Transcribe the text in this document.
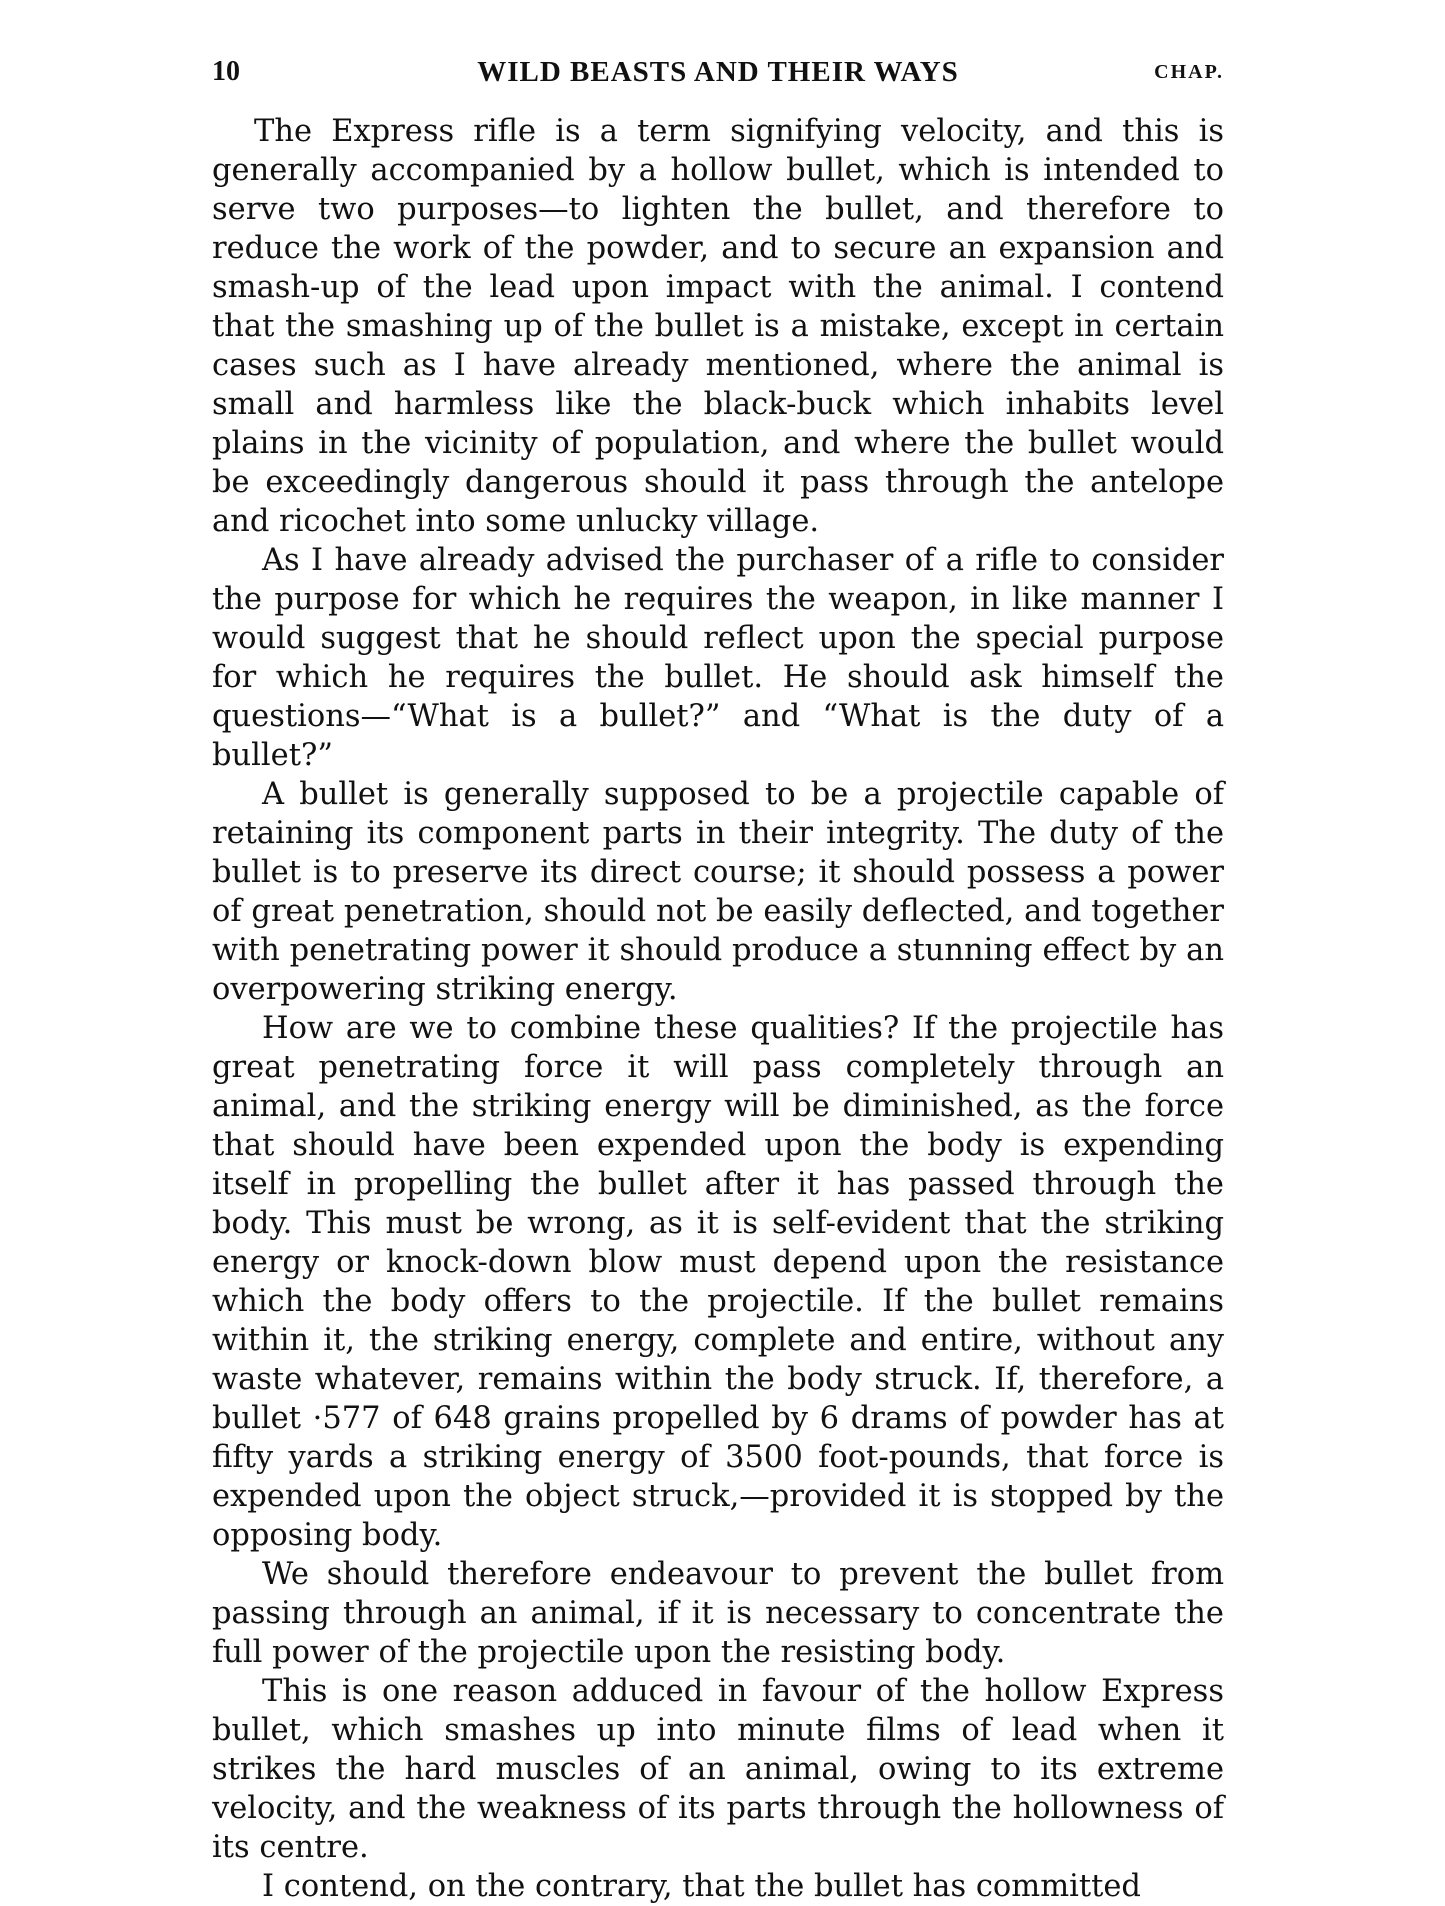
10	WILD BEASTS AND THEIR WAYS	CHAP.

The Express rifle is a term signifying velocity, and this is generally accompanied by a hollow bullet, which is intended to serve two purposes—to lighten the bullet, and therefore to reduce the work of the powder, and to secure an expansion and smash-up of the lead upon impact with the animal. I contend that the smashing up of the bullet is a mistake, except in certain cases such as I have already mentioned, where the animal is small and harmless like the black-buck which inhabits level plains in the vicinity of population, and where the bullet would be exceedingly dangerous should it pass through the antelope and ricochet into some unlucky village.

As I have already advised the purchaser of a rifle to consider the purpose for which he requires the weapon, in like manner I would suggest that he should reflect upon the special purpose for which he requires the bullet. He should ask himself the questions—“What is a bullet?” and “What is the duty of a bullet?”

A bullet is generally supposed to be a projectile capable of retaining its component parts in their integrity. The duty of the bullet is to preserve its direct course; it should possess a power of great penetration, should not be easily deflected, and together with penetrating power it should produce a stunning effect by an overpowering striking energy.

How are we to combine these qualities? If the projectile has great penetrating force it will pass completely through an animal, and the striking energy will be diminished, as the force that should have been expended upon the body is expending itself in propelling the bullet after it has passed through the body. This must be wrong, as it is self-evident that the striking energy or knock-down blow must depend upon the resistance which the body offers to the projectile. If the bullet remains within it, the striking energy, complete and entire, without any waste whatever, remains within the body struck. If, therefore, a bullet ·577 of 648 grains propelled by 6 drams of powder has at fifty yards a striking energy of 3500 foot-pounds, that force is expended upon the object struck,—provided it is stopped by the opposing body.

We should therefore endeavour to prevent the bullet from passing through an animal, if it is necessary to concentrate the full power of the projectile upon the resisting body.

This is one reason adduced in favour of the hollow Express bullet, which smashes up into minute films of lead when it strikes the hard muscles of an animal, owing to its extreme velocity, and the weakness of its parts through the hollowness of its centre.

I contend, on the contrary, that the bullet has committed
